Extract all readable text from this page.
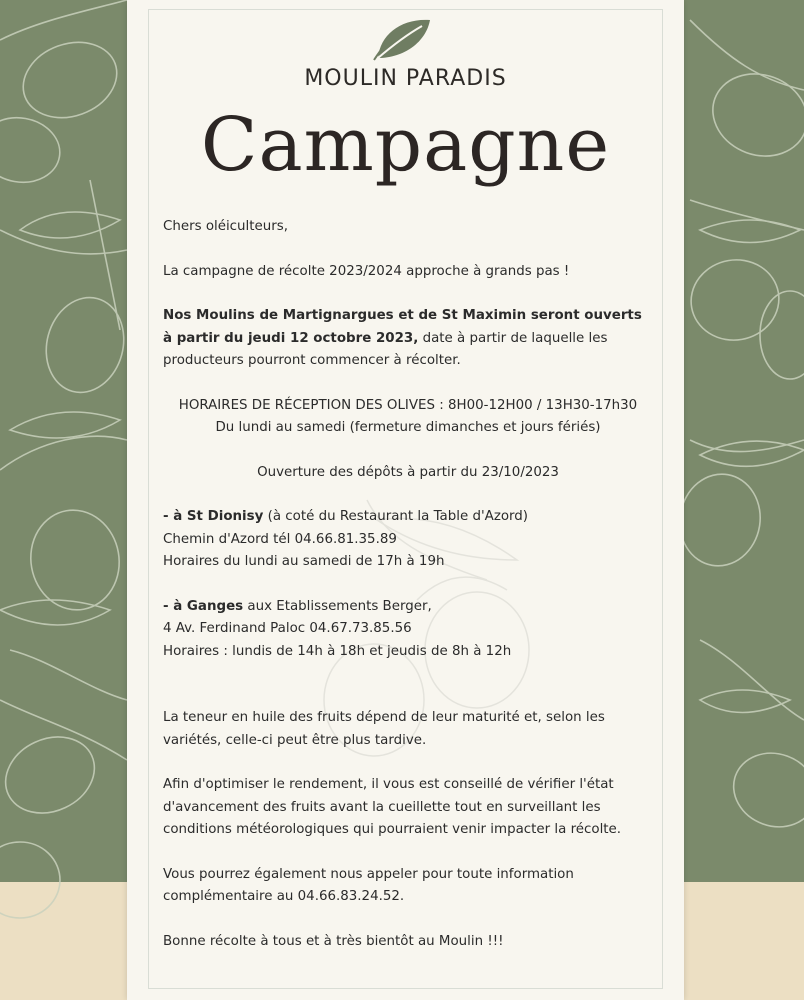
MOULIN PARADIS
Campagne

Chers oléiculteurs,

La campagne de récolte 2023/2024 approche à grands pas !

Nos Moulins de Martignargues et de St Maximin seront ouverts à partir du jeudi 12 octobre 2023, date à partir de laquelle les producteurs pourront commencer à récolter.

HORAIRES DE RÉCEPTION DES OLIVES : 8H00-12H00 / 13H30-17h30

Du lundi au samedi (fermeture dimanches et jours fériés)

Ouverture des dépôts à partir du 23/10/2023

- à St Dionisy (à coté du Restaurant la Table d'Azord)
Chemin d'Azord tél 04.66.81.35.89
Horaires du lundi au samedi de 17h à 19h
- à Ganges aux Etablissements Berger,
4 Av. Ferdinand Paloc 04.67.73.85.56
Horaires : lundis de 14h à 18h et jeudis de 8h à 12h

La teneur en huile des fruits dépend de leur maturité et, selon les variétés, celle-ci peut être plus tardive.

Afin d'optimiser le rendement, il vous est conseillé de vérifier l'état d'avancement des fruits avant la cueillette tout en surveillant les conditions météorologiques qui pourraient venir impacter la récolte.

Vous pourrez également nous appeler pour toute information complémentaire au 04.66.83.24.52.

Bonne récolte à tous et à très bientôt au Moulin !!!
